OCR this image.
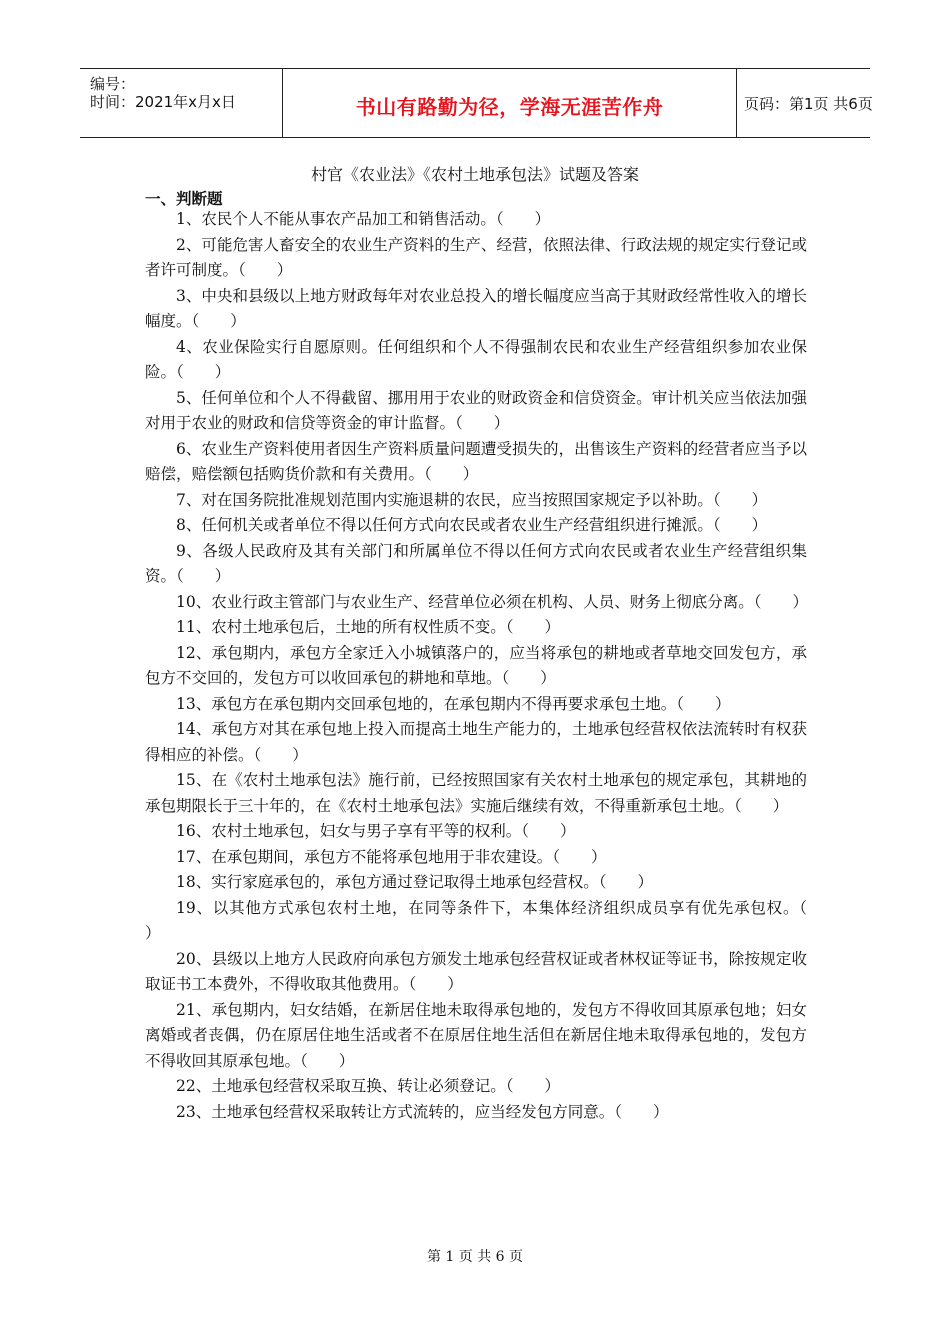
编号：
时间：2021年x月x日	书山有路勤为径，学海无涯苦作舟	页码：第1页 共6页
村官《农业法》《农村土地承包法》试题及答案
一、判断题

1、农民个人不能从事农产品加工和销售活动。（　　）

2、可能危害人畜安全的农业生产资料的生产、经营，依照法律、行政法规的规定实行登记或者许可制度。（　　）

3、中央和县级以上地方财政每年对农业总投入的增长幅度应当高于其财政经常性收入的增长幅度。（　　）

4、农业保险实行自愿原则。任何组织和个人不得强制农民和农业生产经营组织参加农业保险。（　　）

5、任何单位和个人不得截留、挪用用于农业的财政资金和信贷资金。审计机关应当依法加强对用于农业的财政和信贷等资金的审计监督。（　　）

6、农业生产资料使用者因生产资料质量问题遭受损失的，出售该生产资料的经营者应当予以赔偿，赔偿额包括购货价款和有关费用。（　　）

7、对在国务院批准规划范围内实施退耕的农民，应当按照国家规定予以补助。（　　）

8、任何机关或者单位不得以任何方式向农民或者农业生产经营组织进行摊派。（　　）

9、各级人民政府及其有关部门和所属单位不得以任何方式向农民或者农业生产经营组织集资。（　　）

10、农业行政主管部门与农业生产、经营单位必须在机构、人员、财务上彻底分离。（　　）

11、农村土地承包后，土地的所有权性质不变。（　　）

12、承包期内，承包方全家迁入小城镇落户的，应当将承包的耕地或者草地交回发包方，承包方不交回的，发包方可以收回承包的耕地和草地。（　　）

13、承包方在承包期内交回承包地的，在承包期内不得再要求承包土地。（　　）

14、承包方对其在承包地上投入而提高土地生产能力的，土地承包经营权依法流转时有权获得相应的补偿。（　　）

15、在《农村土地承包法》施行前，已经按照国家有关农村土地承包的规定承包，其耕地的承包期限长于三十年的，在《农村土地承包法》实施后继续有效，不得重新承包土地。（　　）

16、农村土地承包，妇女与男子享有平等的权利。（　　）

17、在承包期间，承包方不能将承包地用于非农建设。（　　）

18、实行家庭承包的，承包方通过登记取得土地承包经营权。（　　）

19、以其他方式承包农村土地，在同等条件下，本集体经济组织成员享有优先承包权。（　　）

20、县级以上地方人民政府向承包方颁发土地承包经营权证或者林权证等证书，除按规定收取证书工本费外，不得收取其他费用。（　　）

21、承包期内，妇女结婚，在新居住地未取得承包地的，发包方不得收回其原承包地；妇女离婚或者丧偶，仍在原居住地生活或者不在原居住地生活但在新居住地未取得承包地的，发包方不得收回其原承包地。（　　）

22、土地承包经营权采取互换、转让必须登记。（　　）

23、土地承包经营权采取转让方式流转的，应当经发包方同意。（　　）

第 1 页 共 6 页
